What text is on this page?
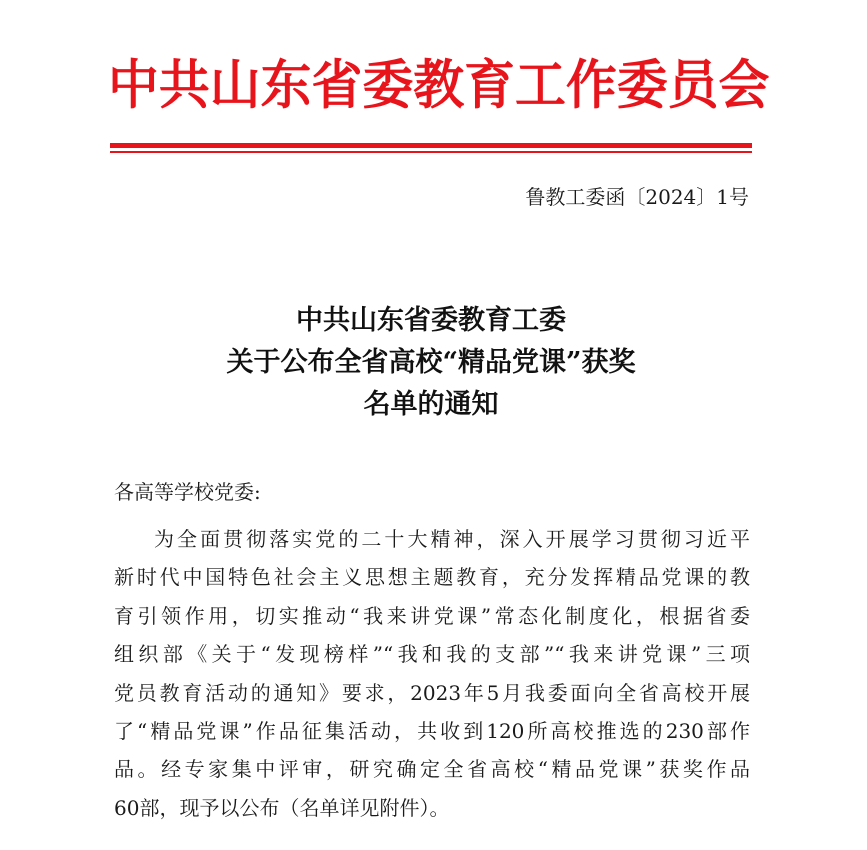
中共山东省委教育工作委员会
鲁教工委函〔2024〕1号
中共山东省委教育工委
关于公布全省高校“精品党课”获奖
名单的通知
各高等学校党委:
为全面贯彻落实党的二十大精神，深入开展学习贯彻习近平
新时代中国特色社会主义思想主题教育，充分发挥精品党课的教
育引领作用，切实推动“我来讲党课”常态化制度化，根据省委
组织部《关于“发现榜样”“我和我的支部”“我来讲党课”三项
党员教育活动的通知》要求，2023年5月我委面向全省高校开展
了“精品党课”作品征集活动，共收到120所高校推选的230部作
品。经专家集中评审，研究确定全省高校“精品党课”获奖作品
60部，现予以公布（名单详见附件）。
